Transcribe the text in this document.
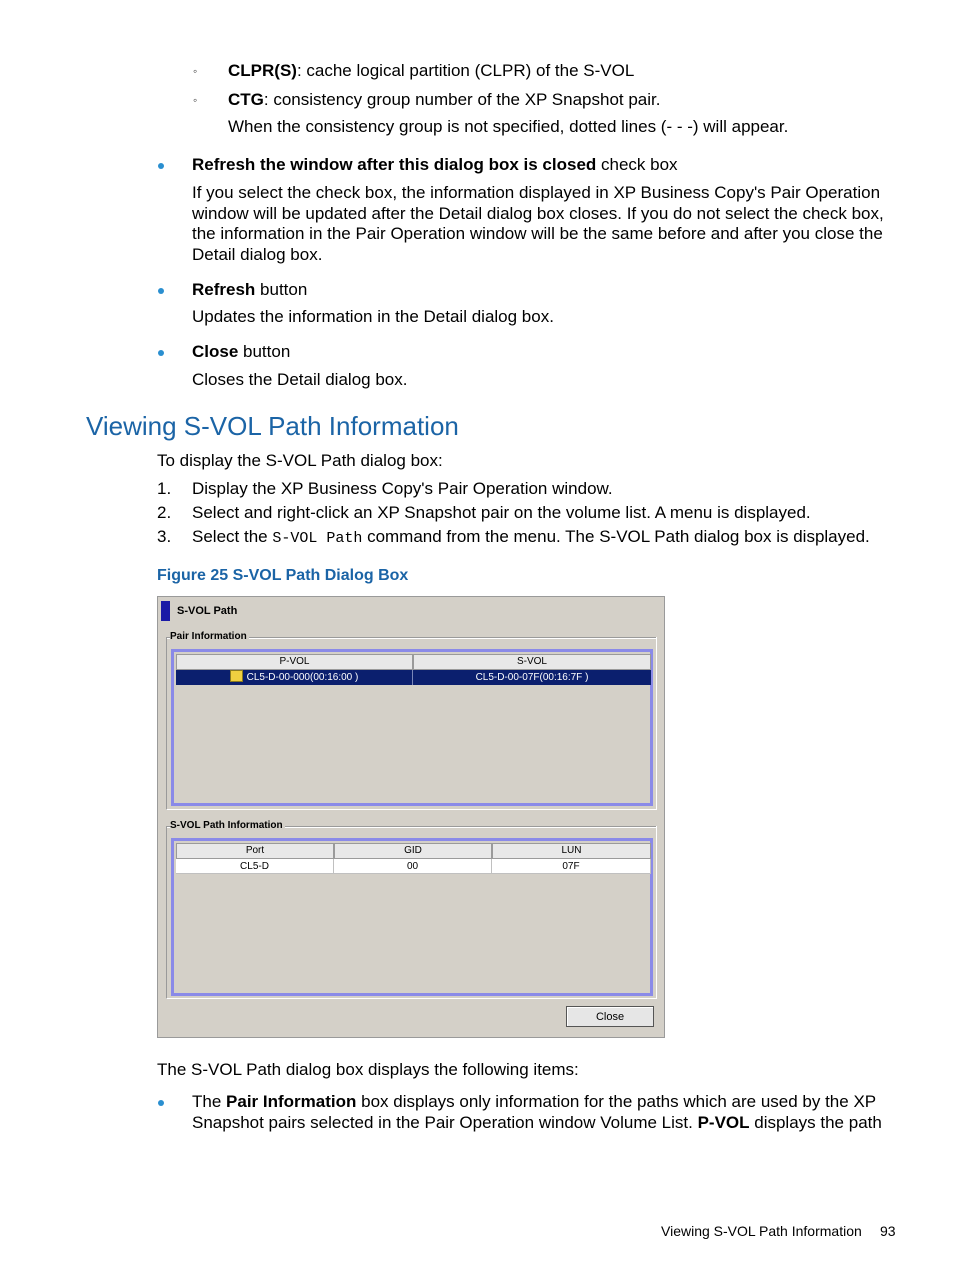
◦ CLPR(S): cache logical partition (CLPR) of the S-VOL
◦ CTG: consistency group number of the XP Snapshot pair.
When the consistency group is not specified, dotted lines (- - -) will appear.
Refresh the window after this dialog box is closed check box
If you select the check box, the information displayed in XP Business Copy's Pair Operation
window will be updated after the Detail dialog box closes. If you do not select the check box,
the information in the Pair Operation window will be the same before and after you close the
Detail dialog box.
Refresh button
Updates the information in the Detail dialog box.
Close button
Closes the Detail dialog box.
Viewing S-VOL Path Information
To display the S-VOL Path dialog box:
1. Display the XP Business Copy's Pair Operation window.
2. Select and right-click an XP Snapshot pair on the volume list. A menu is displayed.
3. Select the S-VOL Path command from the menu. The S-VOL Path dialog box is displayed.
Figure 25 S-VOL Path Dialog Box
S-VOL Path
Pair Information
P-VOL	S-VOL
CL5-D-00-000(00:16:00 )	CL5-D-00-07F(00:16:7F )
S-VOL Path Information
Port	GID	LUN
CL5-D	00	07F
Close
The S-VOL Path dialog box displays the following items:
The Pair Information box displays only information for the paths which are used by the XP
Snapshot pairs selected in the Pair Operation window Volume List. P-VOL displays the path
Viewing S-VOL Path Information 93
